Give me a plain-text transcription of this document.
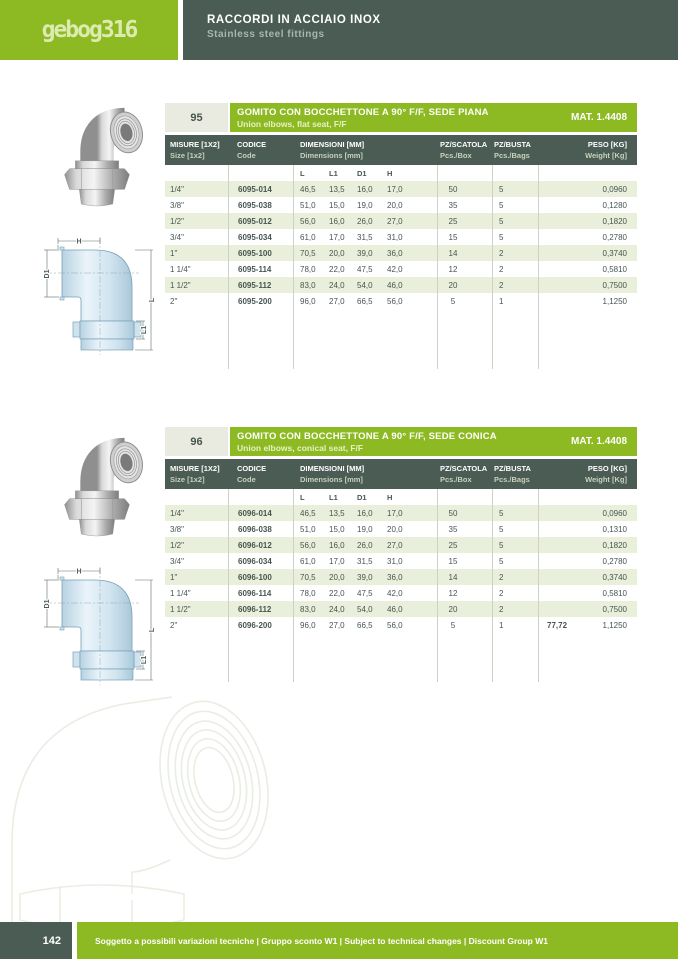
gebog316	RACCORDI IN ACCIAIO INOX
Stainless steel fittings
H
D1
L1
L
95	GOMITO CON BOCCHETTONE A 90° F/F, SEDE PIANA
Union elbows, flat seat, F/F
MAT. 1.4408
MISURE [1X2]
Size [1x2]
CODICE
Code
DIMENSIONI [MM]
Dimensions [mm]
PZ/SCATOLA
Pcs./Box
PZ/BUSTA
Pcs./Bags
PESO [KG]
Weight [Kg]
L	L1	D1	H
1/4"	6095-014	46,5	13,5	16,0	17,0	50	5	0,0960
3/8"	6095-038	51,0	15,0	19,0	20,0	35	5	0,1280
1/2"	6095-012	56,0	16,0	26,0	27,0	25	5	0,1820
3/4"	6095-034	61,0	17,0	31,5	31,0	15	5	0,2780
1"	6095-100	70,5	20,0	39,0	36,0	14	2	0,3740
1 1/4"	6095-114	78,0	22,0	47,5	42,0	12	2	0,5810
1 1/2"	6095-112	83,0	24,0	54,0	46,0	20	2	0,7500
2"	6095-200	96,0	27,0	66,5	56,0	5	1	1,1250
H
D1
L1
L
96	GOMITO CON BOCCHETTONE A 90° F/F, SEDE CONICA
Union elbows, conical seat, F/F
MAT. 1.4408
MISURE [1X2]
Size [1x2]
CODICE
Code
DIMENSIONI [MM]
Dimensions [mm]
PZ/SCATOLA
Pcs./Box
PZ/BUSTA
Pcs./Bags
PESO [KG]
Weight [Kg]
L	L1	D1	H
1/4"	6096-014	46,5	13,5	16,0	17,0	50	5	0,0960
3/8"	6096-038	51,0	15,0	19,0	20,0	35	5	0,1310
1/2"	6096-012	56,0	16,0	26,0	27,0	25	5	0,1820
3/4"	6096-034	61,0	17,0	31,5	31,0	15	5	0,2780
1"	6096-100	70,5	20,0	39,0	36,0	14	2	0,3740
1 1/4"	6096-114	78,0	22,0	47,5	42,0	12	2	0,5810
1 1/2"	6096-112	83,0	24,0	54,0	46,0	20	2	0,7500
2"	6096-200	96,0	27,0	66,5	56,0	5	1	77,72	1,1250
142	Soggetto a possibili variazioni tecniche | Gruppo sconto W1 | Subject to technical changes | Discount Group W1
